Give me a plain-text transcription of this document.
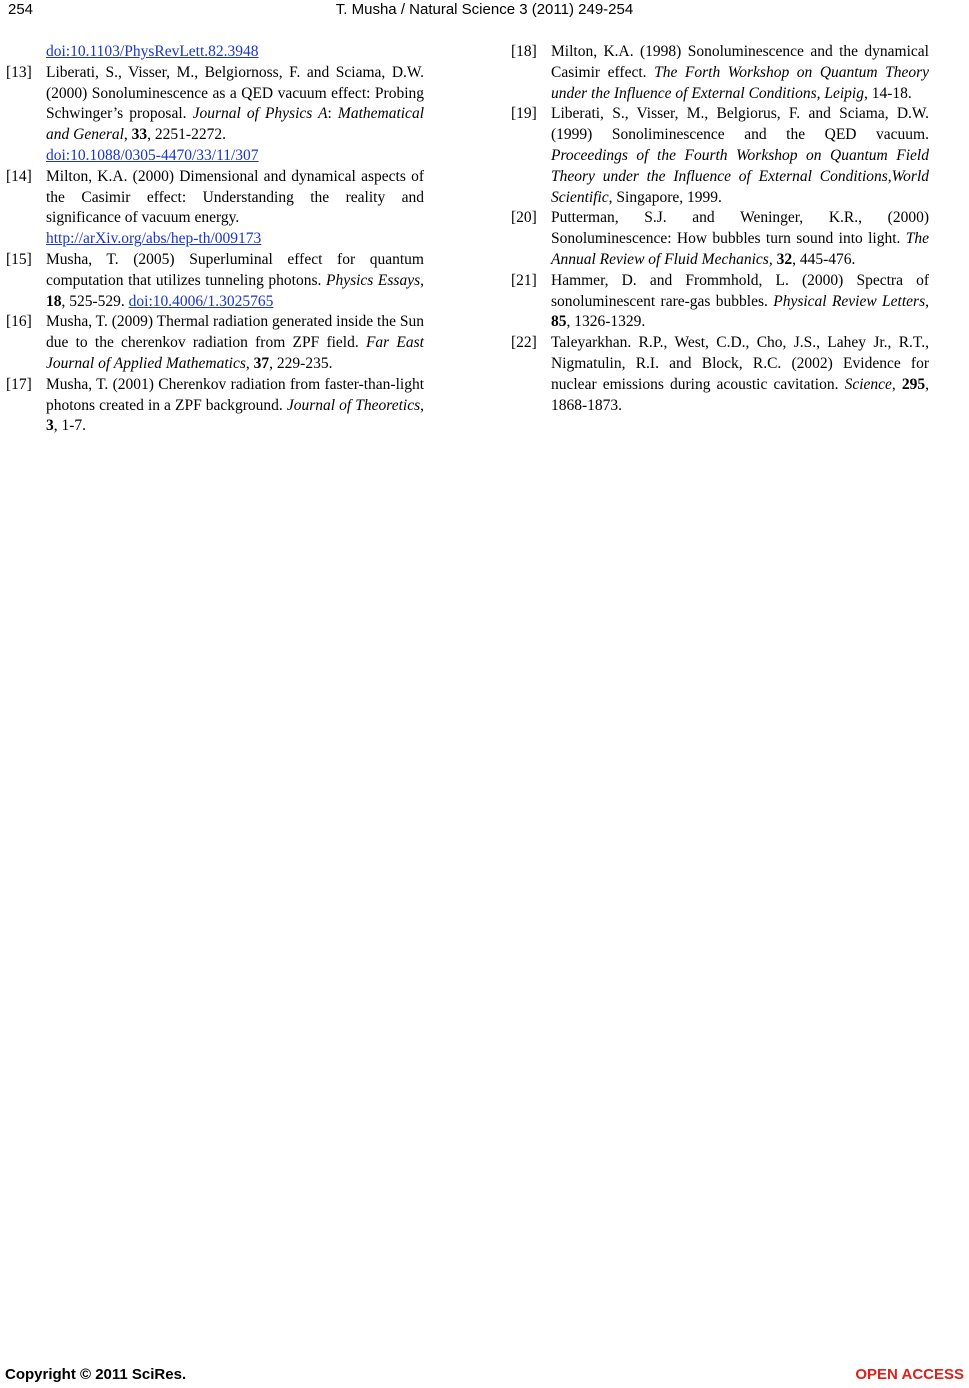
254	T. Musha / Natural Science 3 (2011) 249-254

doi:10.1103/PhysRevLett.82.3948

[13] Liberati, S., Visser, M., Belgiornoss, F. and Sciama, D.W. (2000) Sonoluminescence as a QED vacuum effect: Probing Schwinger’s proposal. Journal of Physics A: Mathematical and General, 33, 2251-2272.
doi:10.1088/0305-4470/33/11/307

[14] Milton, K.A. (2000) Dimensional and dynamical aspects of the Casimir effect: Understanding the reality and significance of vacuum energy.
http://arXiv.org/abs/hep-th/009173

[15] Musha, T. (2005) Superluminal effect for quantum computation that utilizes tunneling photons. Physics Essays, 18, 525-529. doi:10.4006/1.3025765

[16] Musha, T. (2009) Thermal radiation generated inside the Sun due to the cherenkov radiation from ZPF field. Far East Journal of Applied Mathematics, 37, 229-235.

[17] Musha, T. (2001) Cherenkov radiation from faster-than-light photons created in a ZPF background. Journal of Theoretics, 3, 1-7.

[18] Milton, K.A. (1998) Sonoluminescence and the dynamical Casimir effect. The Forth Workshop on Quantum Theory under the Influence of External Conditions, Leipig, 14-18.

[19] Liberati, S., Visser, M., Belgiorus, F. and Sciama, D.W. (1999) Sonoliminescence and the QED vacuum. Proceedings of the Fourth Workshop on Quantum Field Theory under the Influence of External Conditions,World Scientific, Singapore, 1999.

[20] Putterman, S.J. and Weninger, K.R., (2000) Sonoluminescence: How bubbles turn sound into light. The Annual Review of Fluid Mechanics, 32, 445-476.

[21] Hammer, D. and Frommhold, L. (2000) Spectra of sonoluminescent rare-gas bubbles. Physical Review Letters, 85, 1326-1329.

[22] Taleyarkhan. R.P., West, C.D., Cho, J.S., Lahey Jr., R.T., Nigmatulin, R.I. and Block, R.C. (2002) Evidence for nuclear emissions during acoustic cavitation. Science, 295, 1868-1873.

Copyright © 2011 SciRes.	OPEN ACCESS
